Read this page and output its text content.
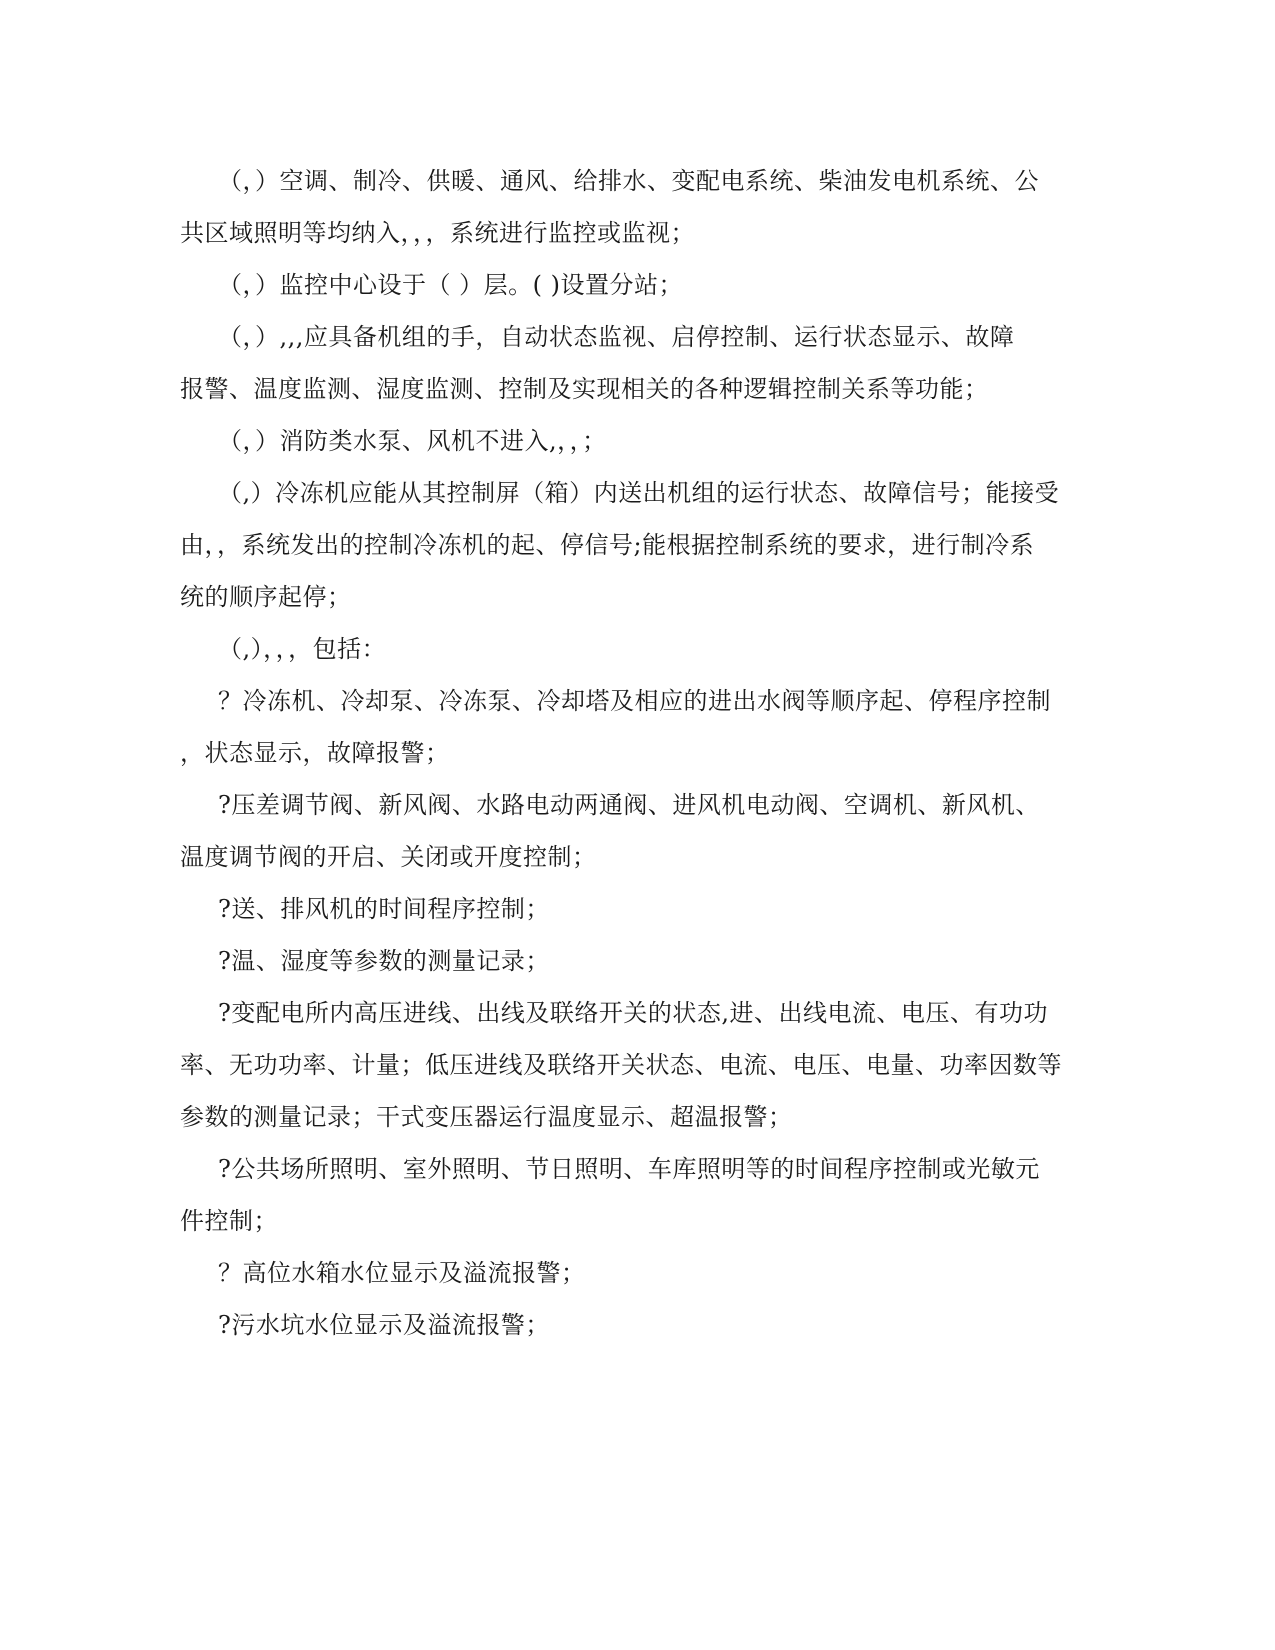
（，）空调、制冷、供暖、通风、给排水、变配电系统、柴油发电机系统、公
共区域照明等均纳入，，，系统进行监控或监视；
（，）监控中心设于（ ）层。( )设置分站；
（，）,,,应具备机组的手，自动状态监视、启停控制、运行状态显示、故障
报警、温度监测、湿度监测、控制及实现相关的各种逻辑控制关系等功能；
（，）消防类水泵、风机不进入,，，；
（,）冷冻机应能从其控制屏（箱）内送出机组的运行状态、故障信号；能接受
由，，系统发出的控制冷冻机的起、停信号;能根据控制系统的要求，进行制冷系
统的顺序起停；
（,），，，包括：
？冷冻机、冷却泵、冷冻泵、冷却塔及相应的进出水阀等顺序起、停程序控制
，状态显示，故障报警；
?压差调节阀、新风阀、水路电动两通阀、进风机电动阀、空调机、新风机、
温度调节阀的开启、关闭或开度控制；
?送、排风机的时间程序控制；
?温、湿度等参数的测量记录；
?变配电所内高压进线、出线及联络开关的状态,进、出线电流、电压、有功功
率、无功功率、计量；低压进线及联络开关状态、电流、电压、电量、功率因数等
参数的测量记录；干式变压器运行温度显示、超温报警；
?公共场所照明、室外照明、节日照明、车库照明等的时间程序控制或光敏元
件控制；
？高位水箱水位显示及溢流报警；
?污水坑水位显示及溢流报警；
